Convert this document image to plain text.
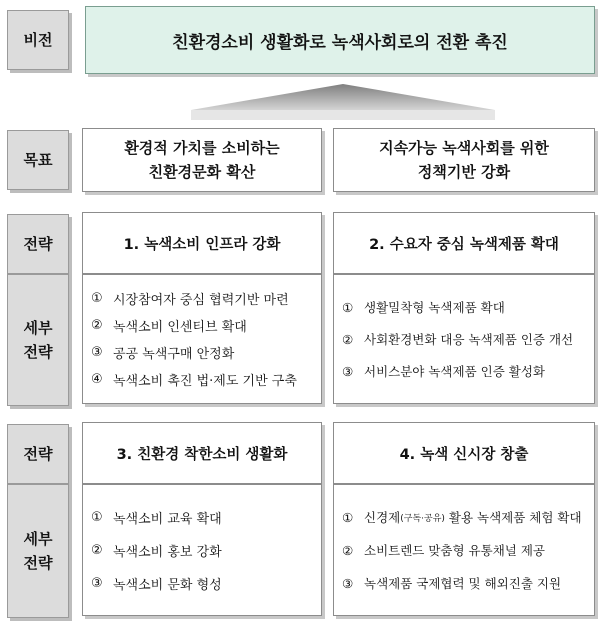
비전	친환경소비 생활화로 녹색사회로의 전환 촉진
목표
환경적 가치를 소비하는
친환경문화 확산
지속가능 녹색사회를 위한
정책기반 강화
전략
세부
전략
1. 녹색소비 인프라 강화
① 시장참여자 중심 협력기반 마련
② 녹색소비 인센티브 확대
③ 공공 녹색구매 안정화
④ 녹색소비 촉진 법·제도 기반 구축
2. 수요자 중심 녹색제품 확대
① 생활밀착형 녹색제품 확대
② 사회환경변화 대응 녹색제품 인증 개선
③ 서비스분야 녹색제품 인증 활성화
전략
세부
전략
3. 친환경 착한소비 생활화
① 녹색소비 교육 확대
② 녹색소비 홍보 강화
③ 녹색소비 문화 형성
4. 녹색 신시장 창출
① 신경제 (구독·공유) 활용 녹색제품 체험 확대
② 소비트렌드 맞춤형 유통채널 제공
③ 녹색제품 국제협력 및 해외진출 지원
